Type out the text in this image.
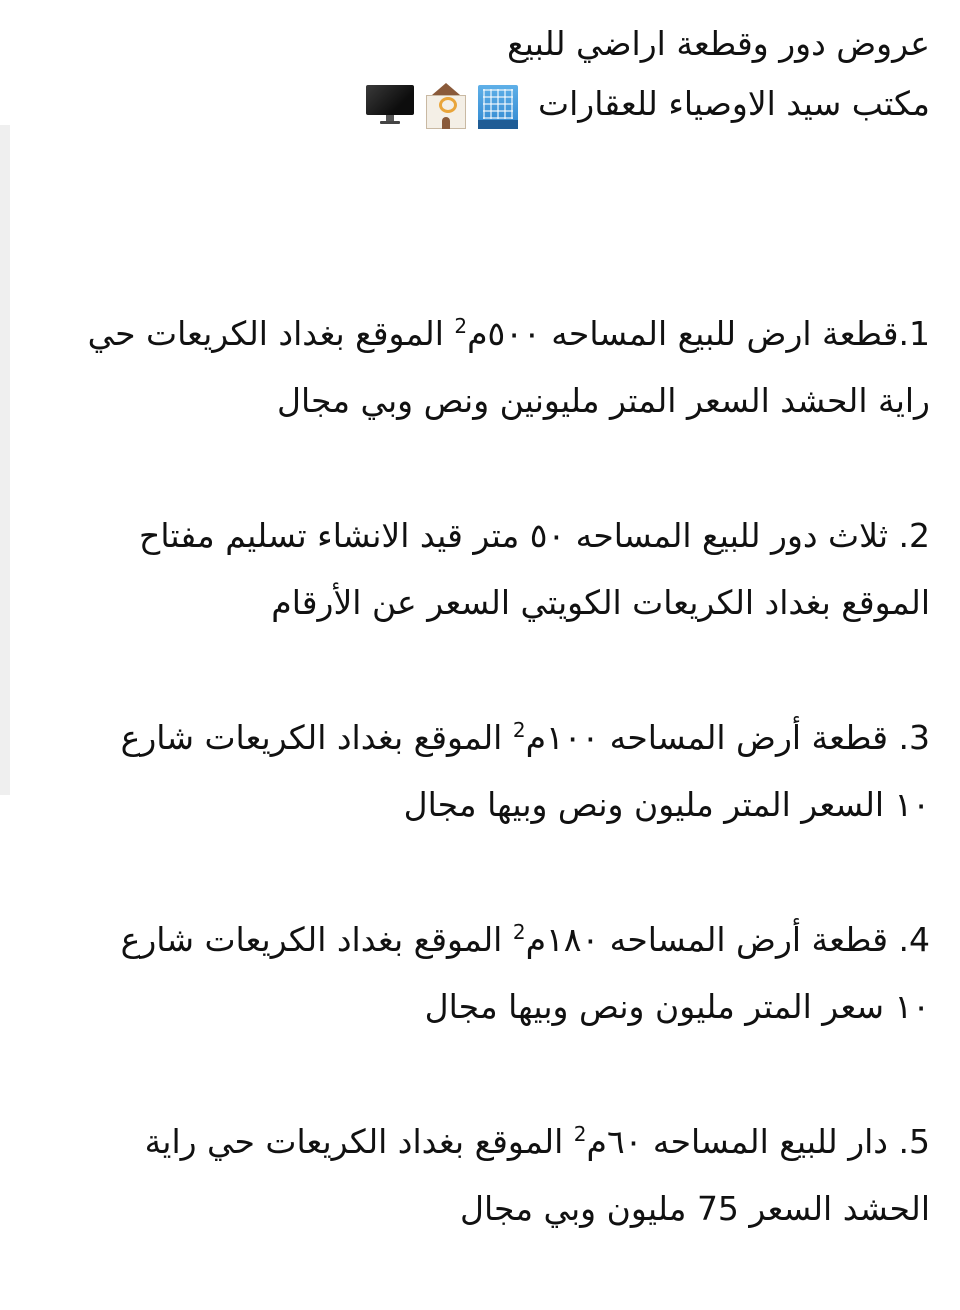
عروض دور وقطعة اراضي للبيع
مكتب سيد الاوصياء للعقارات

1.قطعة ارض للبيع المساحه ٥٠٠م$^2$ الموقع بغداد الكريعات حي راية الحشد السعر المتر مليونين ونص وبي مجال

2. ثلاث دور للبيع المساحه ٥٠ متر قيد الانشاء تسليم مفتاح الموقع بغداد الكريعات الكويتي السعر عن الأرقام

3. قطعة أرض المساحه ١٠٠م$^2$ الموقع بغداد الكريعات شارع ١٠ السعر المتر مليون ونص وبيها مجال

4. قطعة أرض المساحه ١٨٠م$^2$ الموقع بغداد الكريعات شارع ١٠ سعر المتر مليون ونص وبيها مجال

5. دار للبيع المساحه ٦٠م$^2$ الموقع بغداد الكريعات حي راية الحشد السعر 75 مليون وبي مجال
